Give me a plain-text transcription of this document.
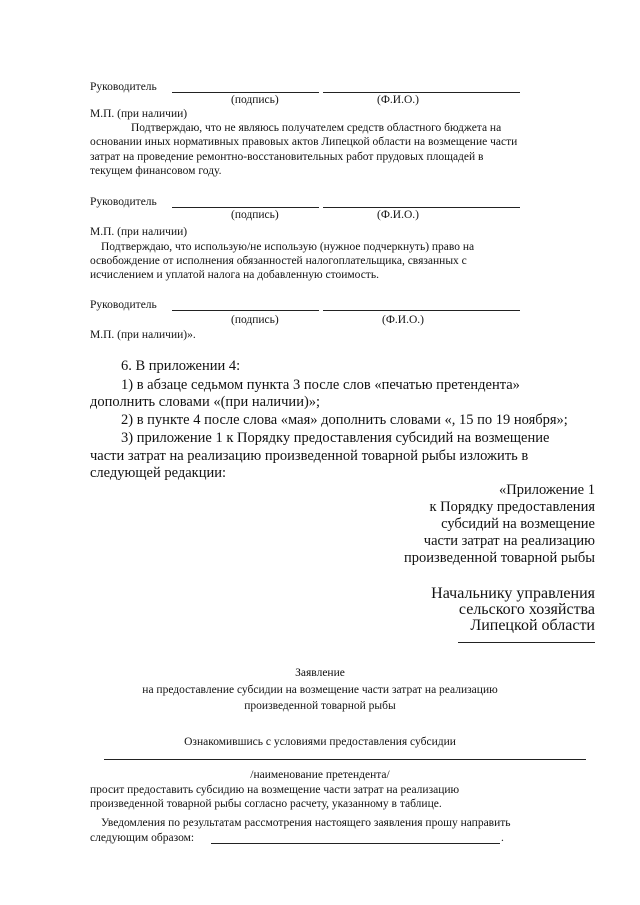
Руководитель
(подпись)	(Ф.И.О.)
М.П. (при наличии)
Подтверждаю, что не являюсь получателем средств областного бюджета на
основании иных нормативных правовых актов Липецкой области на возмещение части
затрат на проведение ремонтно-восстановительных работ прудовых площадей в
текущем финансовом году.
Руководитель
(подпись)	(Ф.И.О.)
М.П. (при наличии)
Подтверждаю, что использую/не использую (нужное подчеркнуть) право на
освобождение от исполнения обязанностей налогоплательщика, связанных с
исчислением и уплатой налога на добавленную стоимость.
Руководитель
(подпись)	(Ф.И.О.)
М.П. (при наличии)».
6. В приложении 4:
1) в абзаце седьмом пункта 3 после слов «печатью претендента»
дополнить словами «(при наличии)»;
2) в пункте 4 после слова «мая» дополнить словами «, 15 по 19 ноября»;
3) приложение 1 к Порядку предоставления субсидий на возмещение
части затрат на реализацию произведенной товарной рыбы изложить в
следующей редакции:
«Приложение 1
к Порядку предоставления
субсидий на возмещение
части затрат на реализацию
произведенной товарной рыбы
Начальнику управления
сельского хозяйства
Липецкой области
Заявление
на предоставление субсидии на возмещение части затрат на реализацию
произведенной товарной рыбы
Ознакомившись с условиями предоставления субсидии
/наименование претендента/
просит предоставить субсидию на возмещение части затрат на реализацию
произведенной товарной рыбы согласно расчету, указанному в таблице.
Уведомления по результатам рассмотрения настоящего заявления прошу направить
следующим образом:	.
